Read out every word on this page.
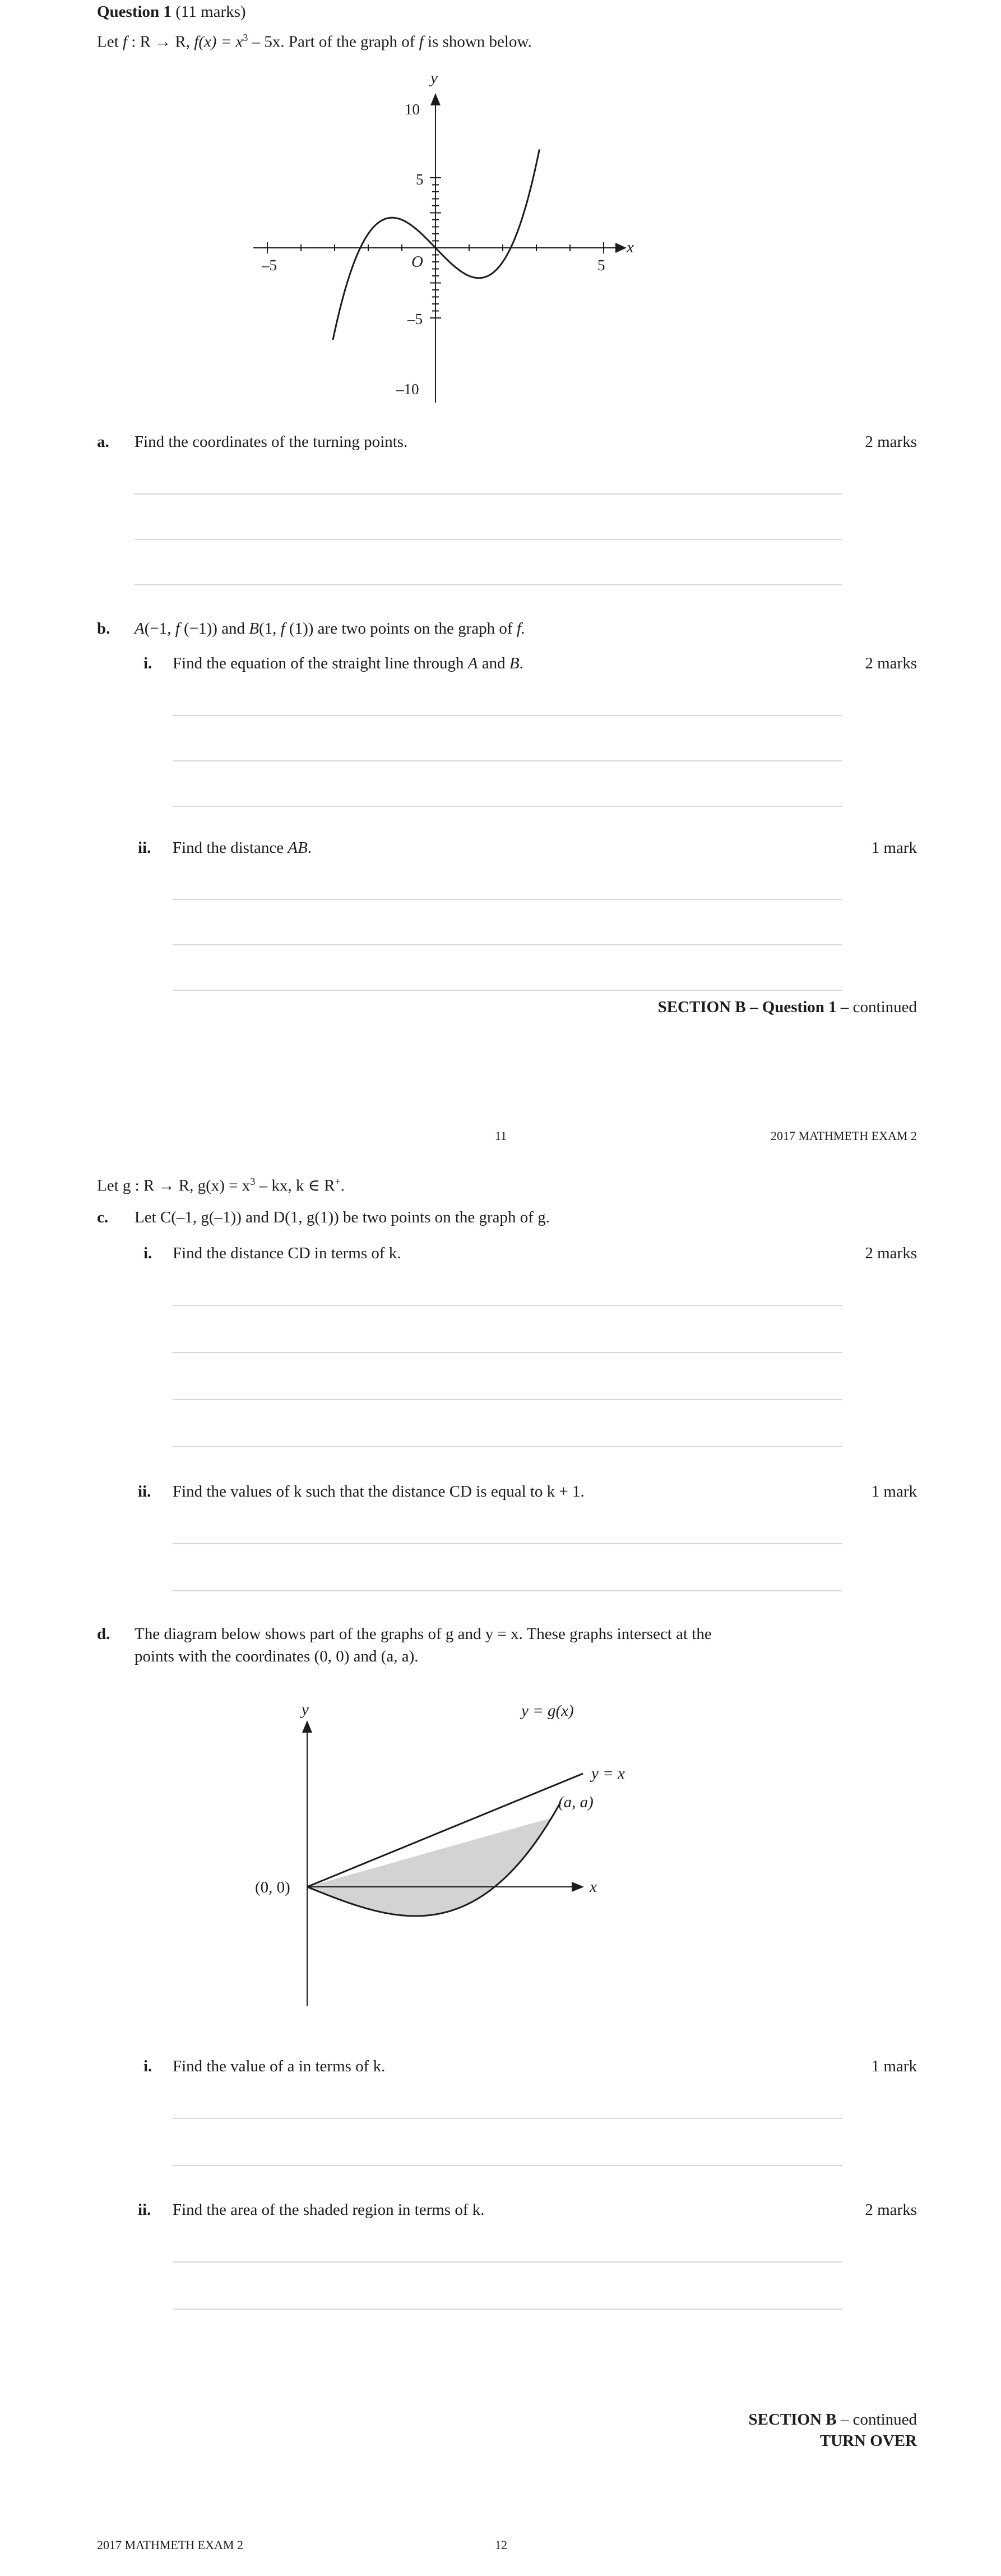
Question 1 (11 marks)
Let f : R → R, $f(x) = x^3 - 5x$. Part of the graph of f is shown below.
y
x
O
10
5
–5
–10
–5	5
a. Find the coordinates of the turning points.	2 marks
b. A(−1, f (−1)) and B(1, f (1)) are two points on the graph of f.
i. Find the equation of the straight line through A and B.	2 marks
ii. Find the distance AB.	1 mark
SECTION B – Question 1 – continued
11	2017 MATHMETH EXAM 2
Let g : R → R, $g(x) = x^3$ – kx, k ∈ R+.
c. Let C(–1, g(–1)) and D(1, g(1)) be two points on the graph of g.
i. Find the distance CD in terms of k.	2 marks
ii. Find the values of k such that the distance CD is equal to k + 1.	1 mark
d. The diagram below shows part of the graphs of g and y = x. These graphs intersect at the
points with the coordinates (0, 0) and (a, a).
y
x
y = g(x)
y = x
(a, a)
(0, 0)
i. Find the value of a in terms of k.	1 mark
ii. Find the area of the shaded region in terms of k.	2 marks
SECTION B – continued
TURN OVER
2017 MATHMETH EXAM 2	12
